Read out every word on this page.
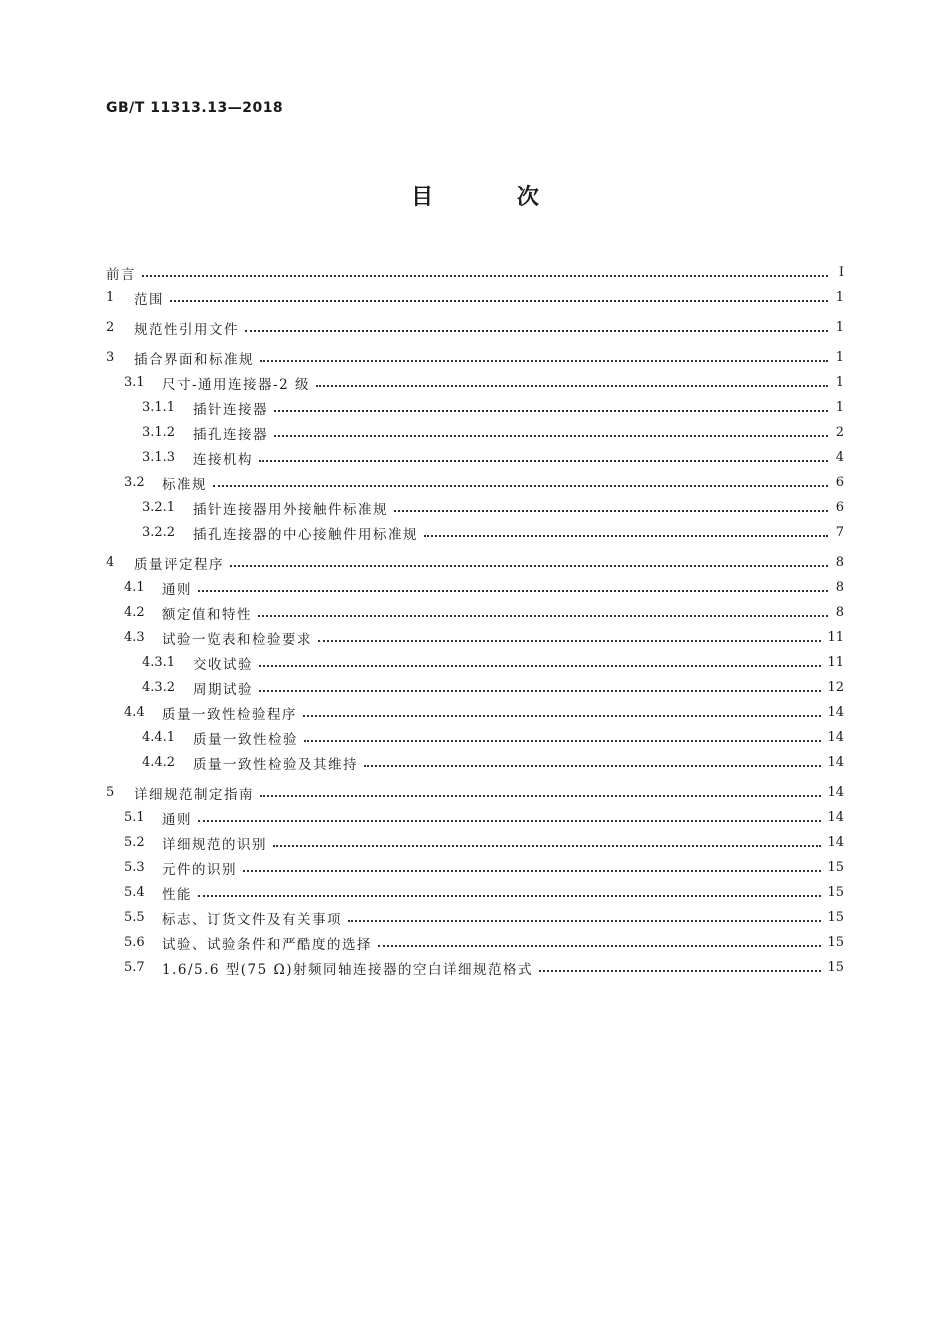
GB/T 11313.13—2018
目 次
前言	Ⅰ
1	范围	1
2	规范性引用文件	1
3	插合界面和标准规	1
3.1	尺寸-通用连接器-2 级	1
3.1.1	插针连接器	1
3.1.2	插孔连接器	2
3.1.3	连接机构	4
3.2	标准规	6
3.2.1	插针连接器用外接触件标准规	6
3.2.2	插孔连接器的中心接触件用标准规	7
4	质量评定程序	8
4.1	通则	8
4.2	额定值和特性	8
4.3	试验一览表和检验要求	11
4.3.1	交收试验	11
4.3.2	周期试验	12
4.4	质量一致性检验程序	14
4.4.1	质量一致性检验	14
4.4.2	质量一致性检验及其维持	14
5	详细规范制定指南	14
5.1	通则	14
5.2	详细规范的识别	14
5.3	元件的识别	15
5.4	性能	15
5.5	标志、订货文件及有关事项	15
5.6	试验、试验条件和严酷度的选择	15
5.7	1.6/5.6 型(75 Ω)射频同轴连接器的空白详细规范格式	15
